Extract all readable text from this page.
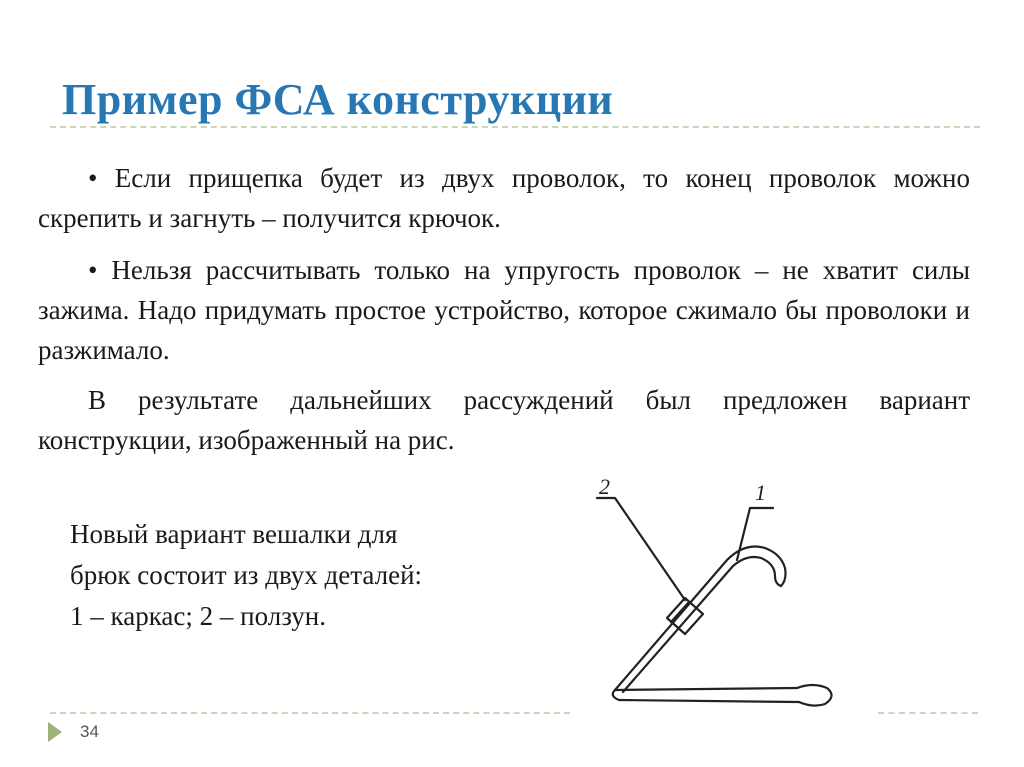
Пример ФСА конструкции
• Если прищепка будет из двух проволок, то конец проволок можно скрепить и загнуть – получится крючок.
• Нельзя рассчитывать только на упругость проволок – не хватит силы зажима. Надо придумать простое устройство, которое сжимало бы проволоки и разжимало.
В результате дальнейших рассуждений был предложен вариант конструкции, изображенный на рис.
Новый вариант вешалки для
брюк состоит из двух деталей:
1 – каркас; 2 – ползун.
2	1
34
